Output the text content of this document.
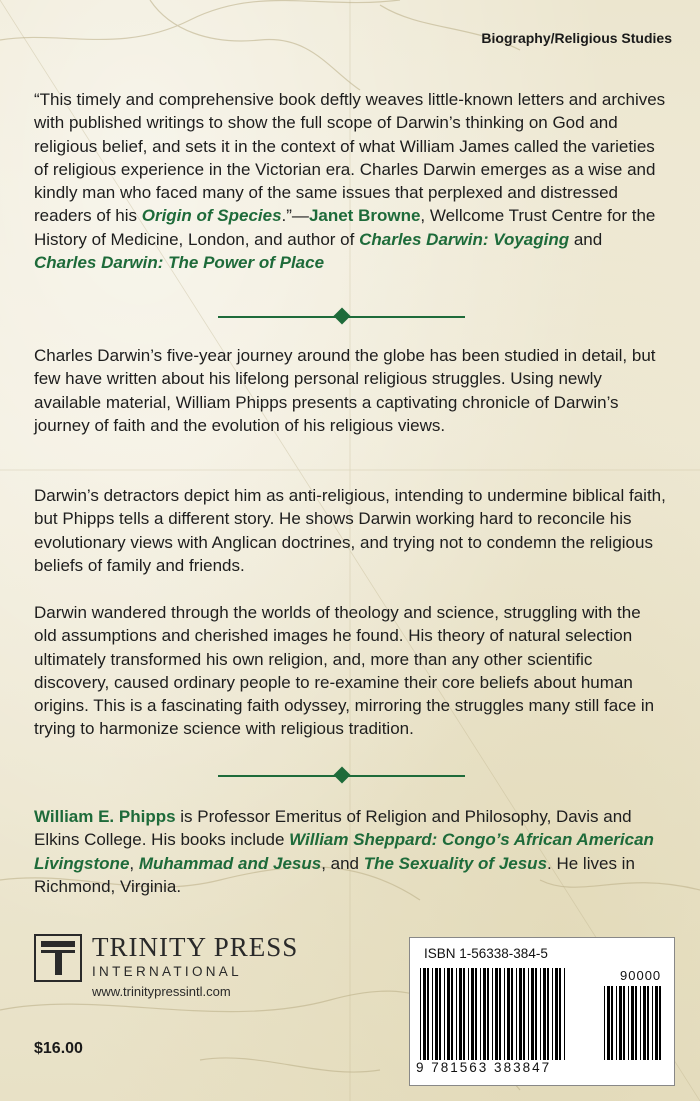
Biography/Religious Studies
“This timely and comprehensive book deftly weaves little-known letters and archives with published writings to show the full scope of Darwin’s thinking on God and religious belief, and sets it in the context of what William James called the varieties of religious experience in the Victorian era. Charles Darwin emerges as a wise and kindly man who faced many of the same issues that perplexed and distressed readers of his Origin of Species.”—Janet Browne, Wellcome Trust Centre for the History of Medicine, London, and author of Charles Darwin: Voyaging and Charles Darwin: The Power of Place
Charles Darwin’s five-year journey around the globe has been studied in detail, but few have written about his lifelong personal religious struggles. Using newly available material, William Phipps presents a captivating chronicle of Darwin’s journey of faith and the evolution of his religious views.
Darwin’s detractors depict him as anti-religious, intending to undermine biblical faith, but Phipps tells a different story. He shows Darwin working hard to reconcile his evolutionary views with Anglican doctrines, and trying not to condemn the religious beliefs of family and friends.
Darwin wandered through the worlds of theology and science, struggling with the old assumptions and cherished images he found. His theory of natural selection ultimately transformed his own religion, and, more than any other scientific discovery, caused ordinary people to re-examine their core beliefs about human origins. This is a fascinating faith odyssey, mirroring the struggles many still face in trying to harmonize science with religious tradition.
William E. Phipps is Professor Emeritus of Religion and Philosophy, Davis and Elkins College. His books include William Sheppard: Congo’s African American Livingstone, Muhammad and Jesus, and The Sexuality of Jesus. He lives in Richmond, Virginia.
TRINITY PRESS
INTERNATIONAL
www.trinitypressintl.com
$16.00
ISBN 1-56338-384-5
90000
9 781563 383847
